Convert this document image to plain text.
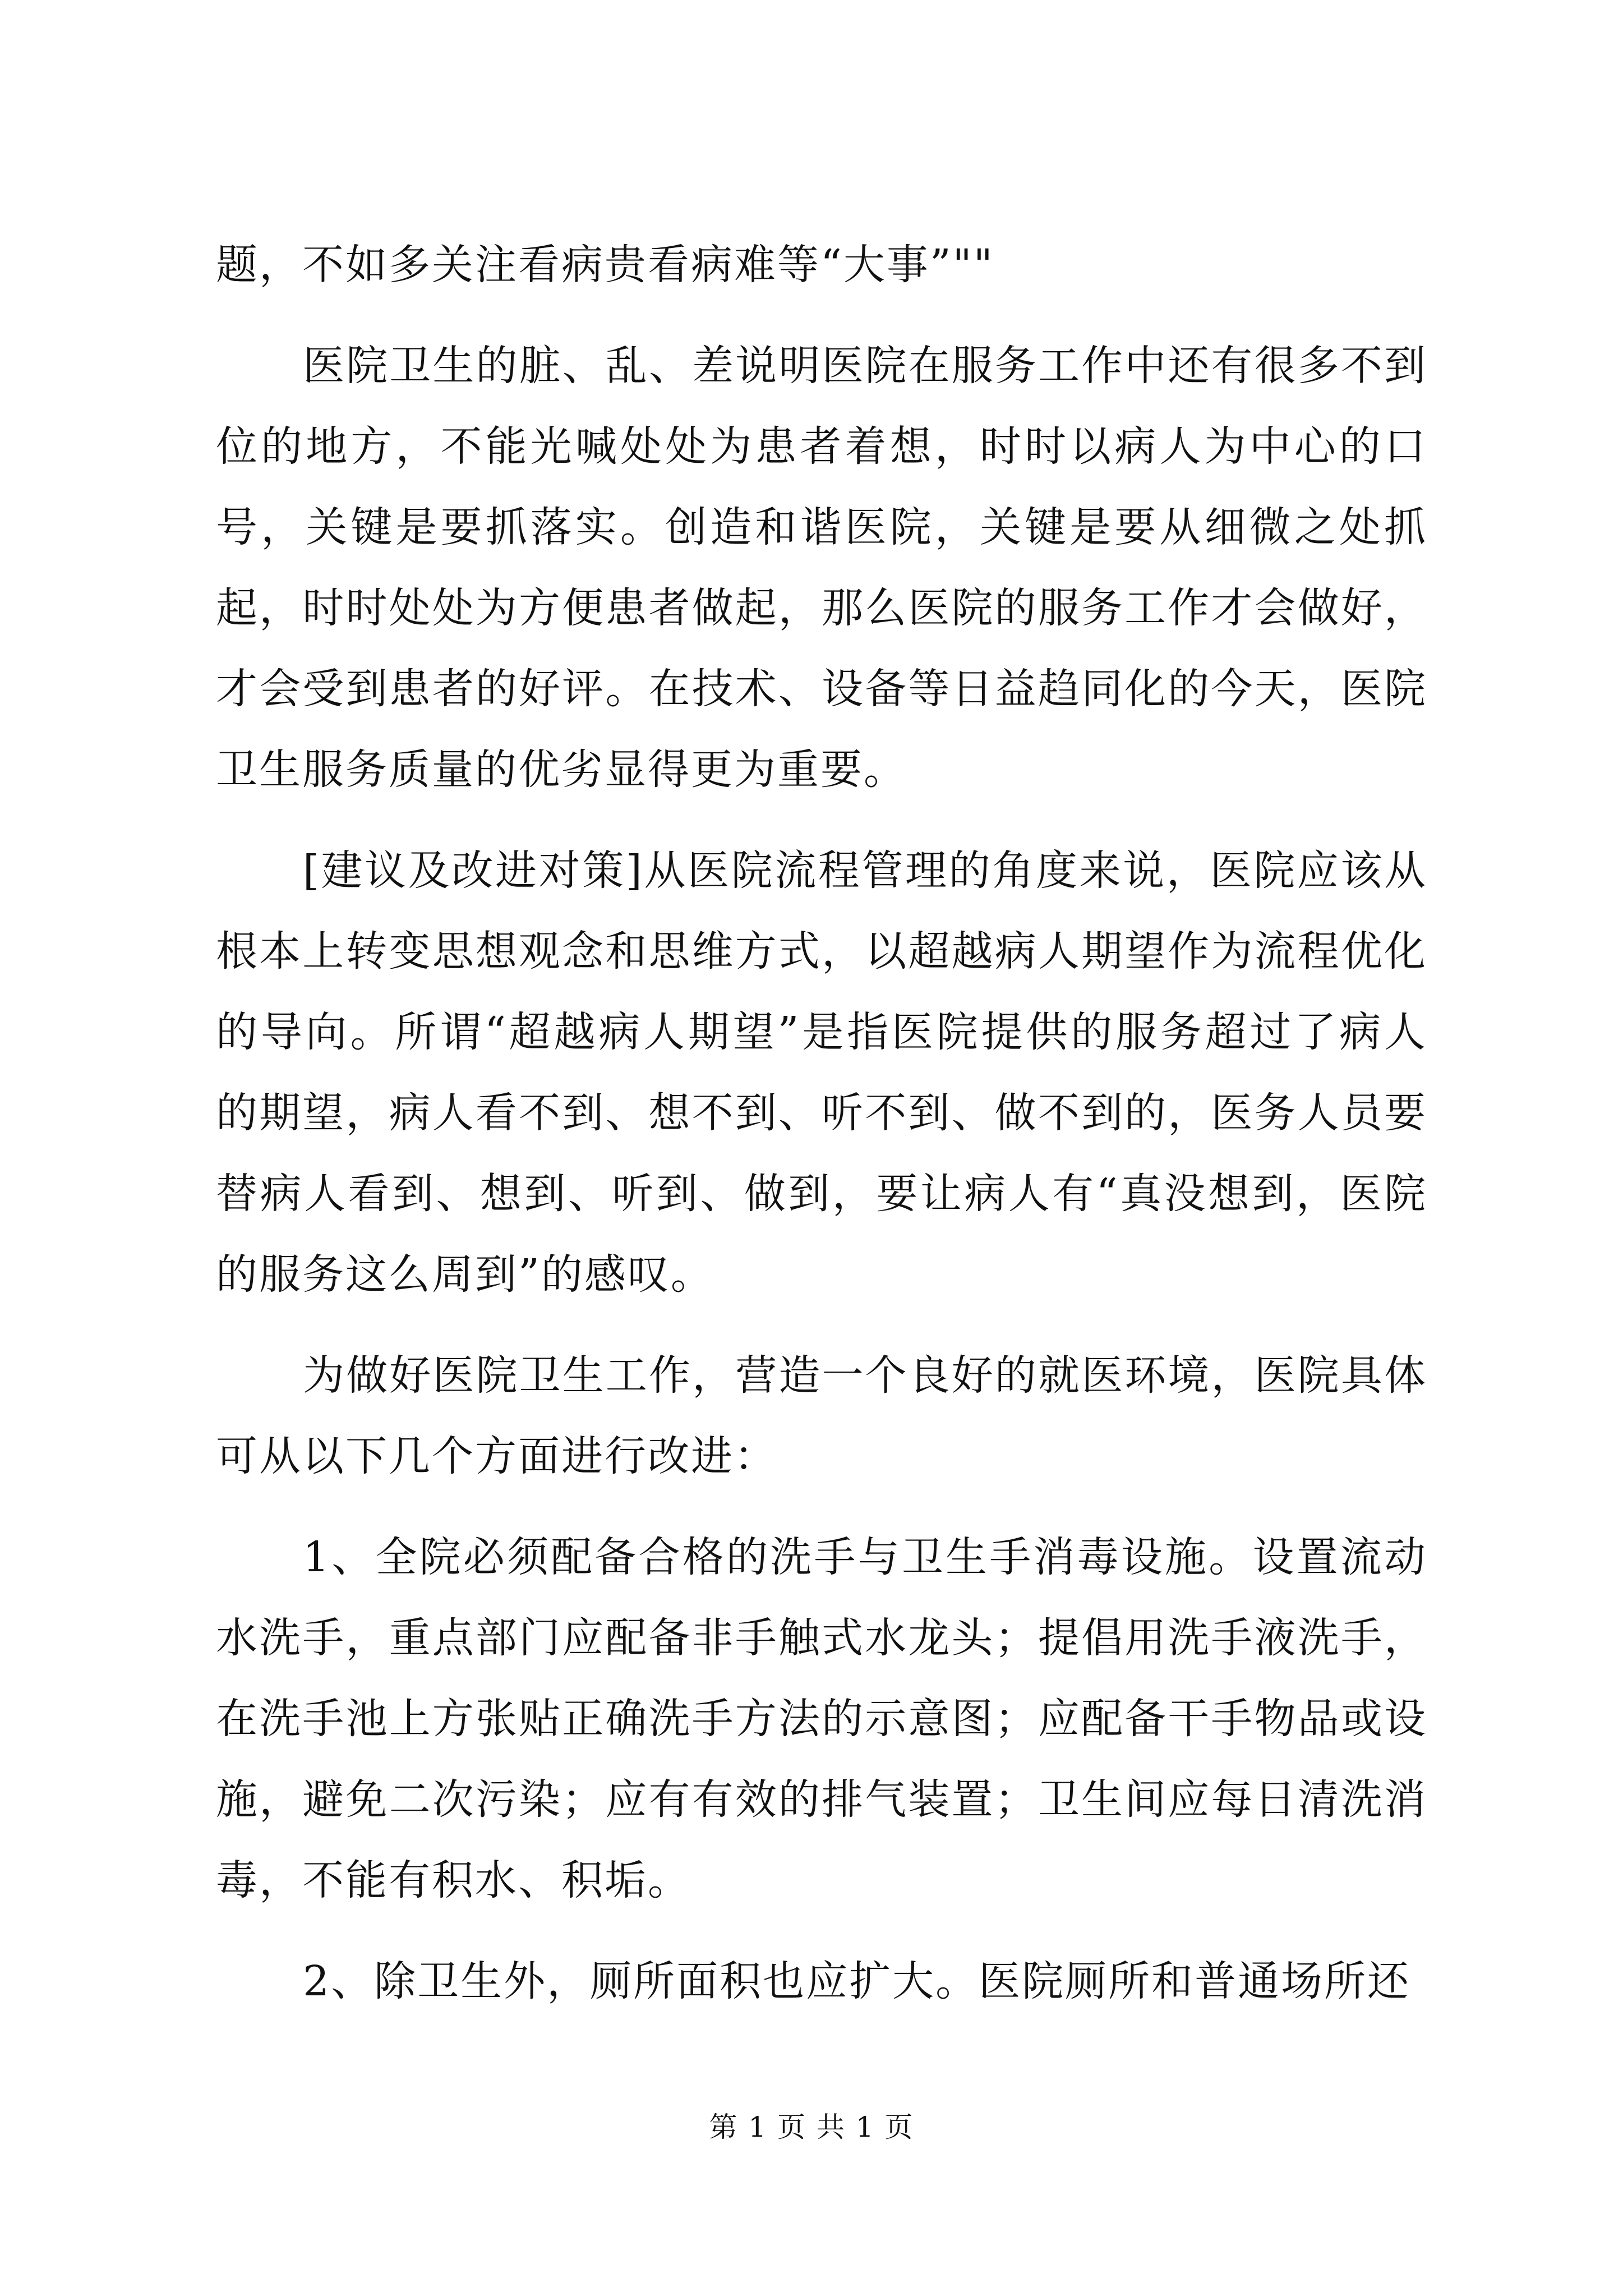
题，不如多关注看病贵看病难等“大事”""

医院卫生的脏、乱、差说明医院在服务工作中还有很多不到位的地方，不能光喊处处为患者着想，时时以病人为中心的口号，关键是要抓落实。创造和谐医院，关键是要从细微之处抓起，时时处处为方便患者做起，那么医院的服务工作才会做好，才会受到患者的好评。在技术、设备等日益趋同化的今天，医院卫生服务质量的优劣显得更为重要。

[建议及改进对策]从医院流程管理的角度来说，医院应该从根本上转变思想观念和思维方式，以超越病人期望作为流程优化的导向。所谓“超越病人期望”是指医院提供的服务超过了病人的期望，病人看不到、想不到、听不到、做不到的，医务人员要替病人看到、想到、听到、做到，要让病人有“真没想到，医院的服务这么周到”的感叹。

为做好医院卫生工作，营造一个良好的就医环境，医院具体可从以下几个方面进行改进：

1、全院必须配备合格的洗手与卫生手消毒设施。设置流动水洗手，重点部门应配备非手触式水龙头；提倡用洗手液洗手，在洗手池上方张贴正确洗手方法的示意图；应配备干手物品或设施，避免二次污染；应有有效的排气装置；卫生间应每日清洗消毒，不能有积水、积垢。

2、除卫生外，厕所面积也应扩大。医院厕所和普通场所还

第 1 页 共 1 页
